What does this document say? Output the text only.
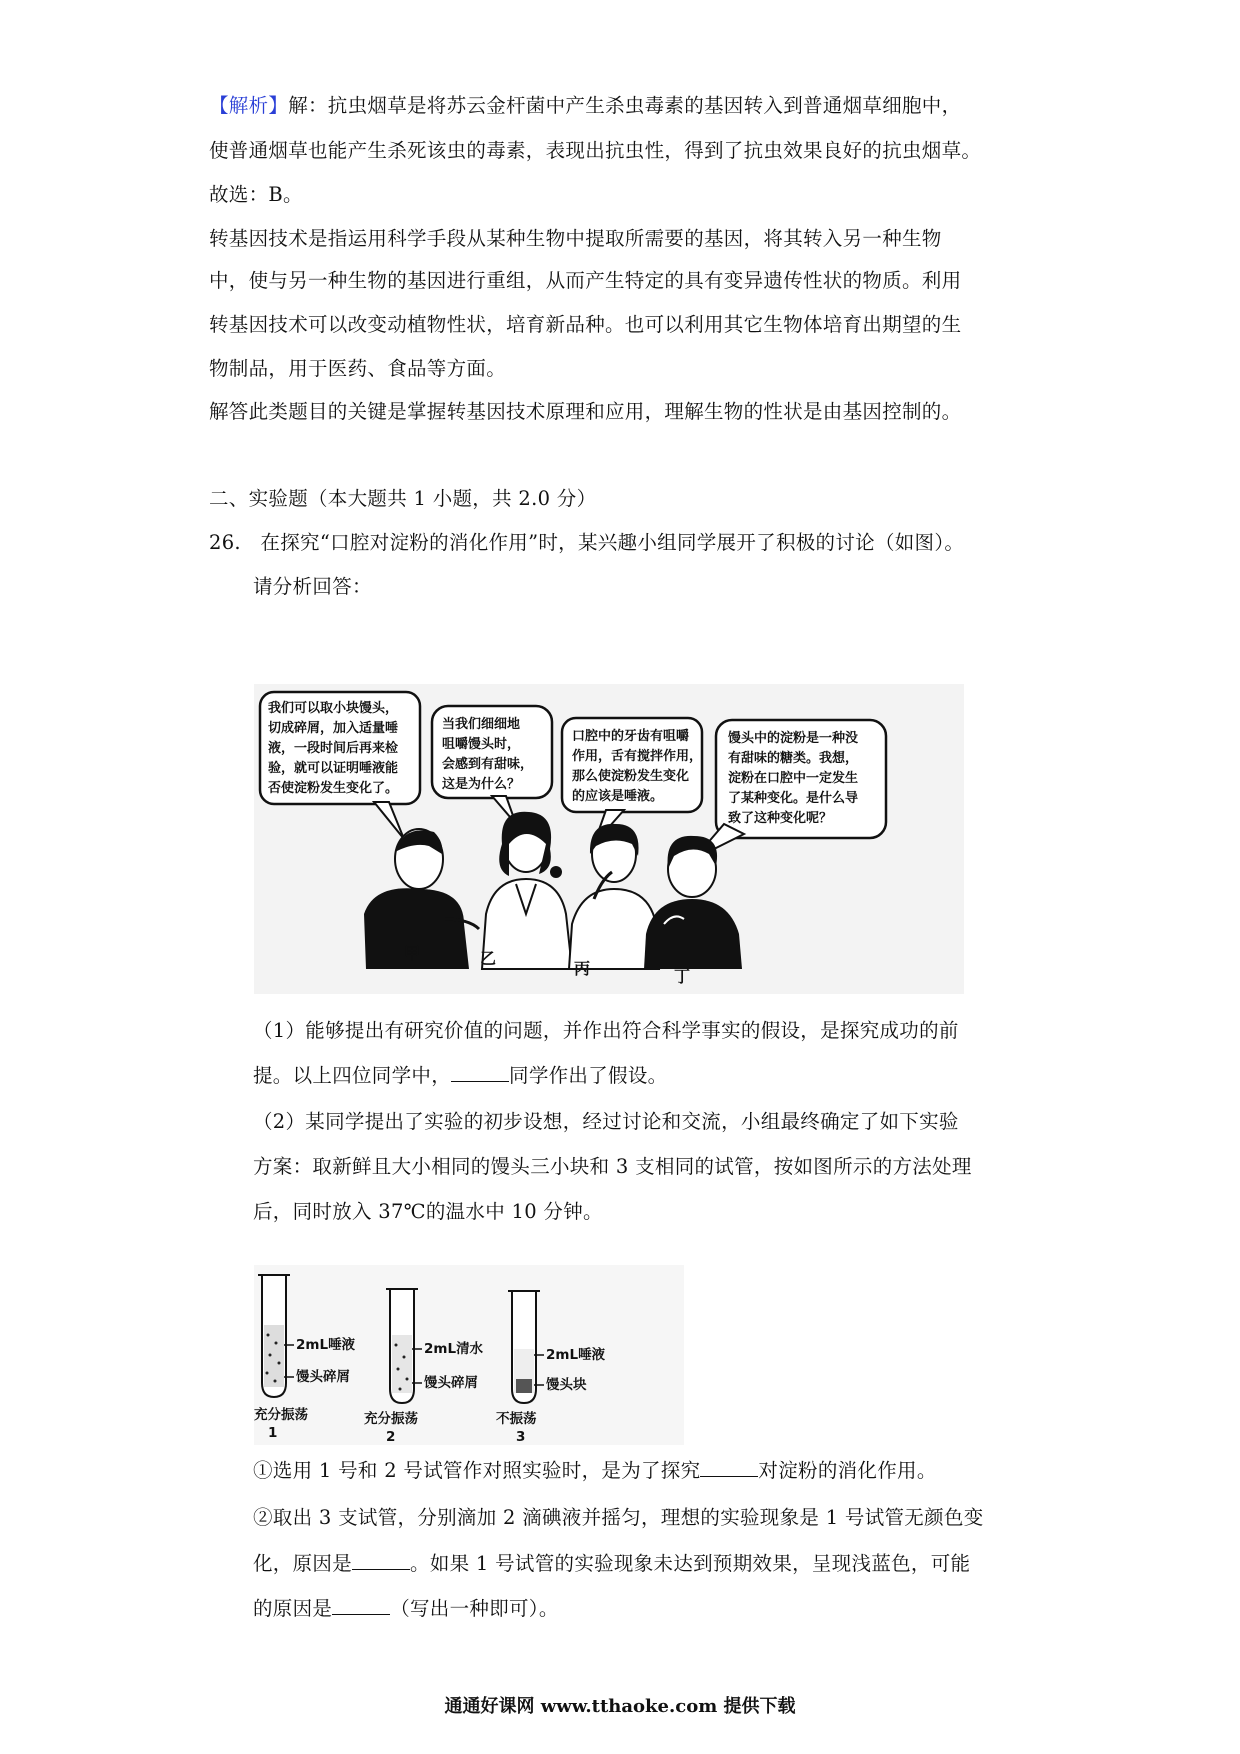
【解析】解：抗虫烟草是将苏云金杆菌中产生杀虫毒素的基因转入到普通烟草细胞中，
使普通烟草也能产生杀死该虫的毒素，表现出抗虫性，得到了抗虫效果良好的抗虫烟草。
故选：B。
转基因技术是指运用科学手段从某种生物中提取所需要的基因，将其转入另一种生物
中，使与另一种生物的基因进行重组，从而产生特定的具有变异遗传性状的物质。利用
转基因技术可以改变动植物性状，培育新品种。也可以利用其它生物体培育出期望的生
物制品，用于医药、食品等方面。
解答此类题目的关键是掌握转基因技术原理和应用，理解生物的性状是由基因控制的。
二、实验题（本大题共 1 小题，共 2.0 分）
26. 在探究“口腔对淀粉的消化作用”时，某兴趣小组同学展开了积极的讨论（如图）。
请分析回答：
我们可以取小块馒头，
切成碎屑，加入适量唾
液，一段时间后再来检
验，就可以证明唾液能
否使淀粉发生变化了。
当我们细细地
咀嚼馒头时，
会感到有甜味，
这是为什么？
口腔中的牙齿有咀嚼
作用，舌有搅拌作用，
那么使淀粉发生变化
的应该是唾液。
馒头中的淀粉是一种没
有甜味的糖类。我想，
淀粉在口腔中一定发生
了某种变化。是什么导
致了这种变化呢？
甲	乙
丙	丁
（1）能够提出有研究价值的问题，并作出符合科学事实的假设，是探究成功的前
提。以上四位同学中，	同学作出了假设。
（2）某同学提出了实验的初步设想，经过讨论和交流，小组最终确定了如下实验
方案：取新鲜且大小相同的馒头三小块和 3 支相同的试管，按如图所示的方法处理
后，同时放入 37℃的温水中 10 分钟。
2mL唾液
馒头碎屑
充分振荡
1
2mL清水
馒头碎屑
充分振荡
2
2mL唾液
馒头块
不振荡
3
①选用 1 号和 2 号试管作对照实验时，是为了探究	对淀粉的消化作用。
②取出 3 支试管，分别滴加 2 滴碘液并摇匀，理想的实验现象是 1 号试管无颜色变
化，原因是	。如果 1 号试管的实验现象未达到预期效果，呈现浅蓝色，可能
的原因是	（写出一种即可）。
通通好课网 www.tthaoke.com 提供下载
